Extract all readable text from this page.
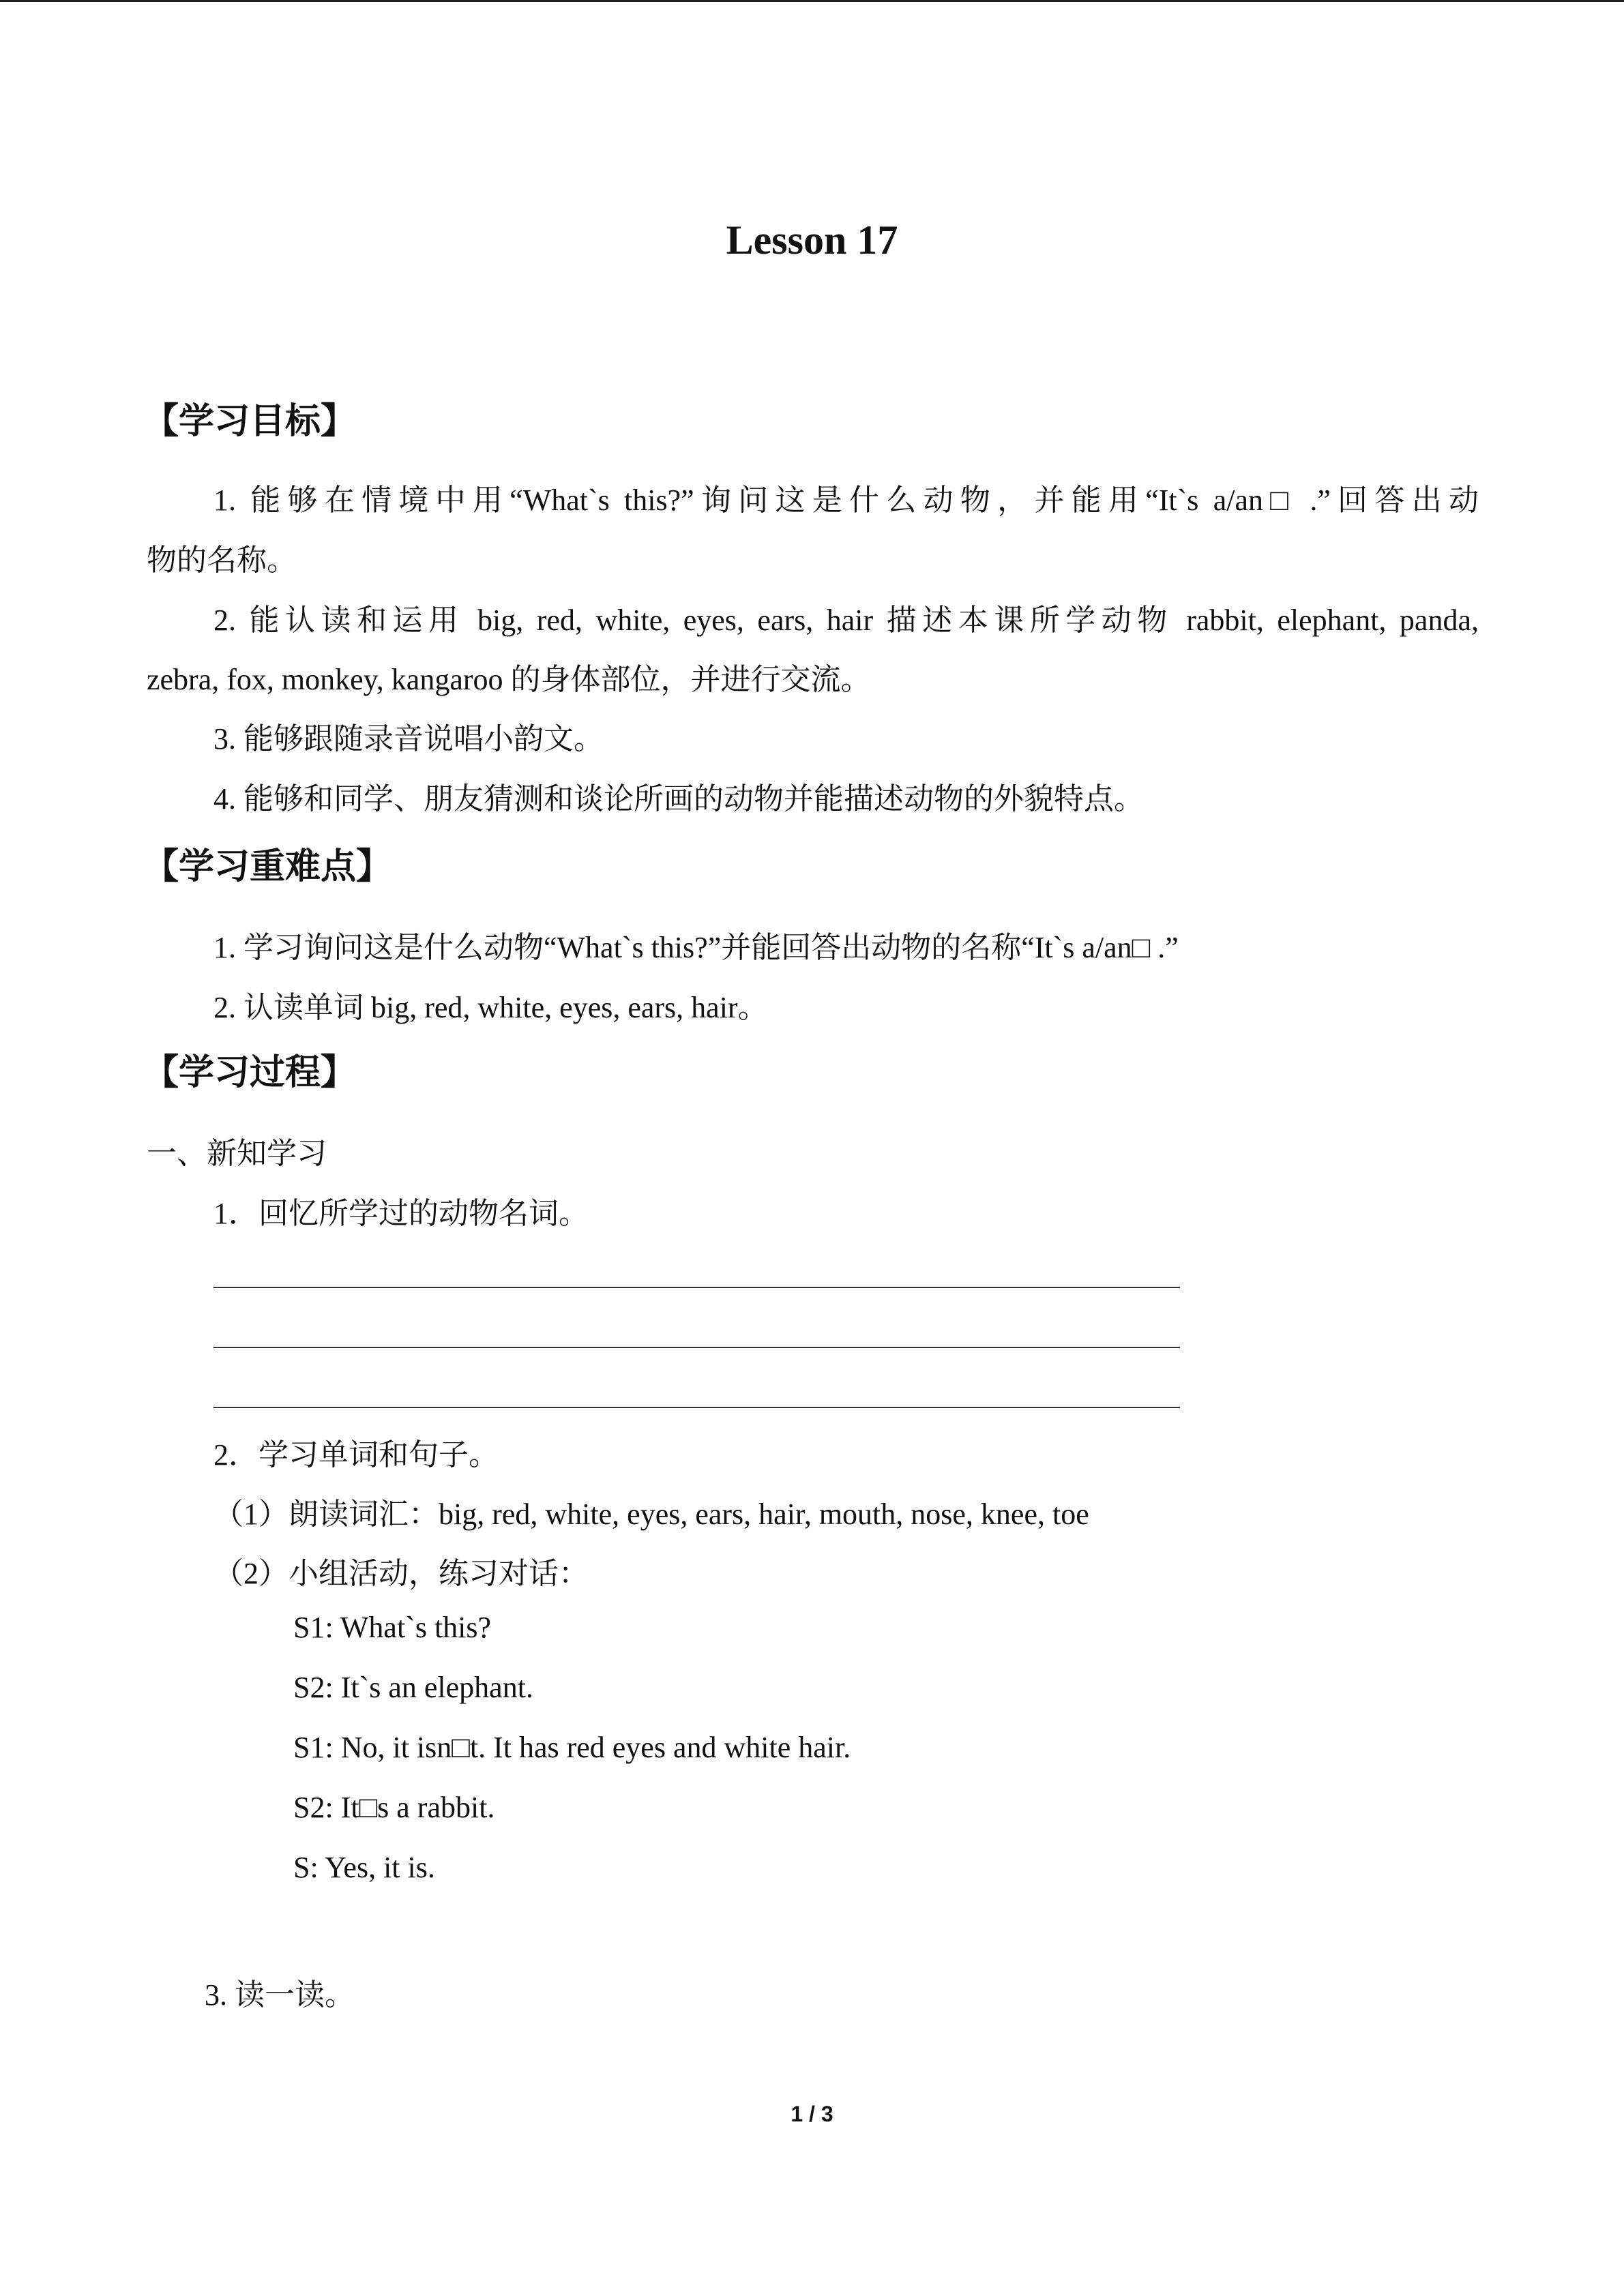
Lesson 17
【学习目标】
1. 能够在情境中用“What`s this?”询问这是什么动物，并能用“It`s a/an□ .”回答出动
物的名称。
2. 能认读和运用 big, red, white, eyes, ears, hair 描述本课所学动物 rabbit, elephant, panda,
zebra, fox, monkey, kangaroo 的身体部位，并进行交流。
3. 能够跟随录音说唱小韵文。
4. 能够和同学、朋友猜测和谈论所画的动物并能描述动物的外貌特点。
【学习重难点】
1. 学习询问这是什么动物“What`s this?”并能回答出动物的名称“It`s a/an□ .”
2. 认读单词 big, red, white, eyes, ears, hair。
【学习过程】
一、新知学习
1．回忆所学过的动物名词。
2．学习单词和句子。
（1）朗读词汇：big, red, white, eyes, ears, hair, mouth, nose, knee, toe
（2）小组活动，练习对话：
S1: What`s this?
S2: It`s an elephant.
S1: No, it isn□t. It has red eyes and white hair.
S2: It□s a rabbit.
S: Yes, it is.
3. 读一读。
1 / 3
